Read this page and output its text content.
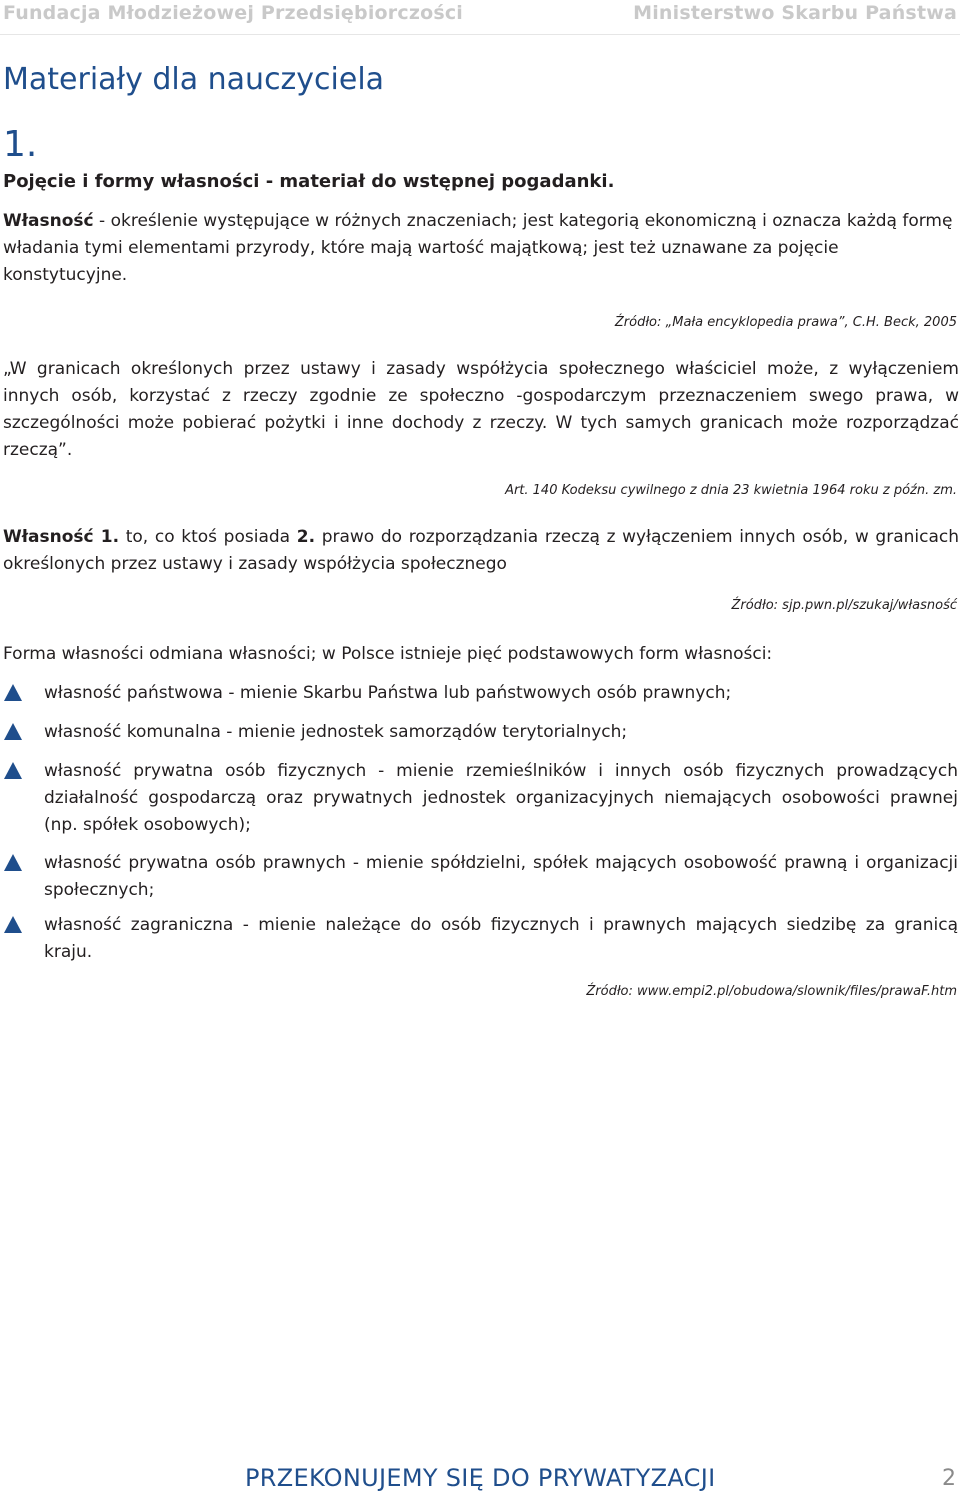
Fundacja Młodzieżowej Przedsiębiorczości	Ministerstwo Skarbu Państwa
Materiały dla nauczyciela
1.
Pojęcie i formy własności - materiał do wstępnej pogadanki.

Własność - określenie występujące w różnych znaczeniach; jest kategorią ekonomiczną i oznacza każdą formę władania tymi elementami przyrody, które mają wartość majątkową; jest też uznawane za pojęcie konstytucyjne.

Źródło: „Mała encyklopedia prawa”, C.H. Beck, 2005

„W granicach określonych przez ustawy i zasady współżycia społecznego właściciel może, z wyłączeniem innych osób, korzystać z rzeczy zgodnie ze społeczno -gospodarczym przeznaczeniem swego prawa, w szczególności może pobierać pożytki i inne dochody z rzeczy. W tych samych granicach może rozporządzać rzeczą”.

Art. 140 Kodeksu cywilnego z dnia 23 kwietnia 1964 roku z późn. zm.

Własność 1. to, co ktoś posiada 2. prawo do rozporządzania rzeczą z wyłączeniem innych osób, w granicach określonych przez ustawy i zasady współżycia społecznego

Źródło: sjp.pwn.pl/szukaj/własność

Forma własności odmiana własności; w Polsce istnieje pięć podstawowych form własności:

własność państwowa - mienie Skarbu Państwa lub państwowych osób prawnych;
własność komunalna - mienie jednostek samorządów terytorialnych;
własność prywatna osób fizycznych - mienie rzemieślników i innych osób fizycznych prowadzących działalność gospodarczą oraz prywatnych jednostek organizacyjnych niemających osobowości prawnej (np. spółek osobowych);
własność prywatna osób prawnych - mienie spółdzielni, spółek mających osobowość prawną i organizacji społecznych;
własność zagraniczna - mienie należące do osób fizycznych i prawnych mających siedzibę za granicą kraju.
Źródło: www.empi2.pl/obudowa/slownik/files/prawaF.htm
PRZEKONUJEMY SIĘ DO PRYWATYZACJI	2
